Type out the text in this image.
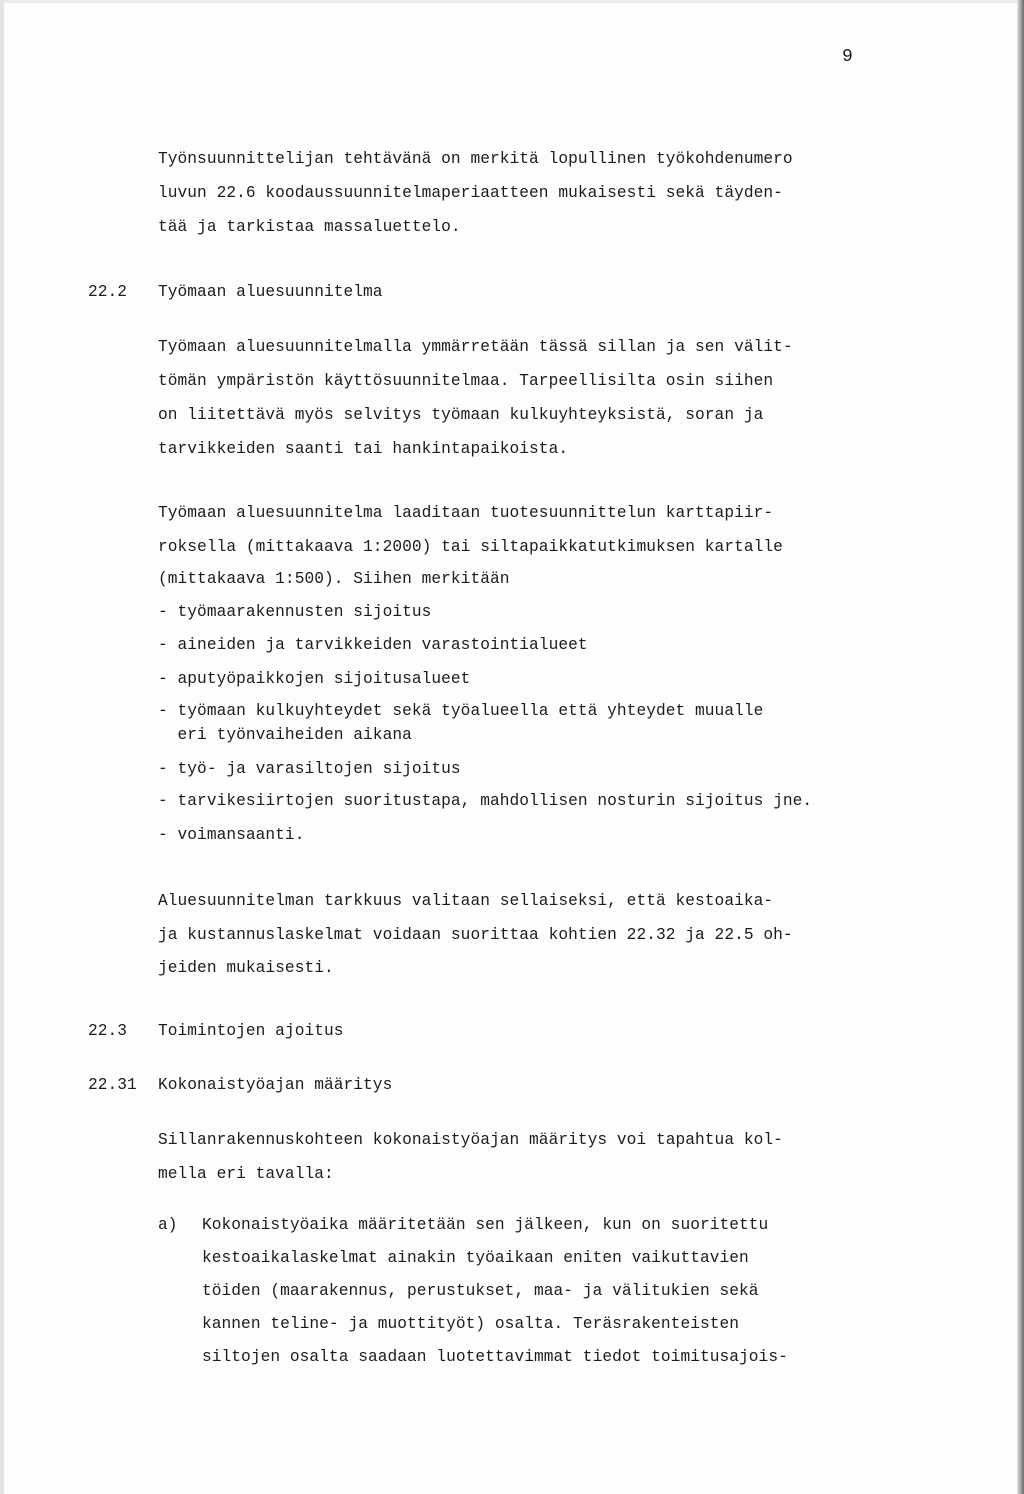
9

Työnsuunnittelijan tehtävänä on merkitä lopullinen työkohdenumero

luvun 22.6 koodaussuunnitelmaperiaatteen mukaisesti sekä täyden-

tää ja tarkistaa massaluettelo.

22.2 Työmaan aluesuunnitelma

Työmaan aluesuunnitelmalla ymmärretään tässä sillan ja sen välit-

tömän ympäristön käyttösuunnitelmaa. Tarpeellisilta osin siihen

on liitettävä myös selvitys työmaan kulkuyhteyksistä, soran ja

tarvikkeiden saanti tai hankintapaikoista.

Työmaan aluesuunnitelma laaditaan tuotesuunnittelun karttapiir-

roksella (mittakaava 1:2000) tai siltapaikkatutkimuksen kartalle

(mittakaava 1:500). Siihen merkitään

- työmaarakennusten sijoitus

- aineiden ja tarvikkeiden varastointialueet

- aputyöpaikkojen sijoitusalueet

- työmaan kulkuyhteydet sekä työalueella että yhteydet muualle

eri työnvaiheiden aikana

- työ- ja varasiltojen sijoitus

- tarvikesiirtojen suoritustapa, mahdollisen nosturin sijoitus jne.

- voimansaanti.

Aluesuunnitelman tarkkuus valitaan sellaiseksi, että kestoaika-

ja kustannuslaskelmat voidaan suorittaa kohtien 22.32 ja 22.5 oh-

jeiden mukaisesti.

22.3 Toimintojen ajoitus

22.31 Kokonaistyöajan määritys

Sillanrakennuskohteen kokonaistyöajan määritys voi tapahtua kol-

mella eri tavalla:

a) Kokonaistyöaika määritetään sen jälkeen, kun on suoritettu

kestoaikalaskelmat ainakin työaikaan eniten vaikuttavien

töiden (maarakennus, perustukset, maa- ja välitukien sekä

kannen teline- ja muottityöt) osalta. Teräsrakenteisten

siltojen osalta saadaan luotettavimmat tiedot toimitusajois-
